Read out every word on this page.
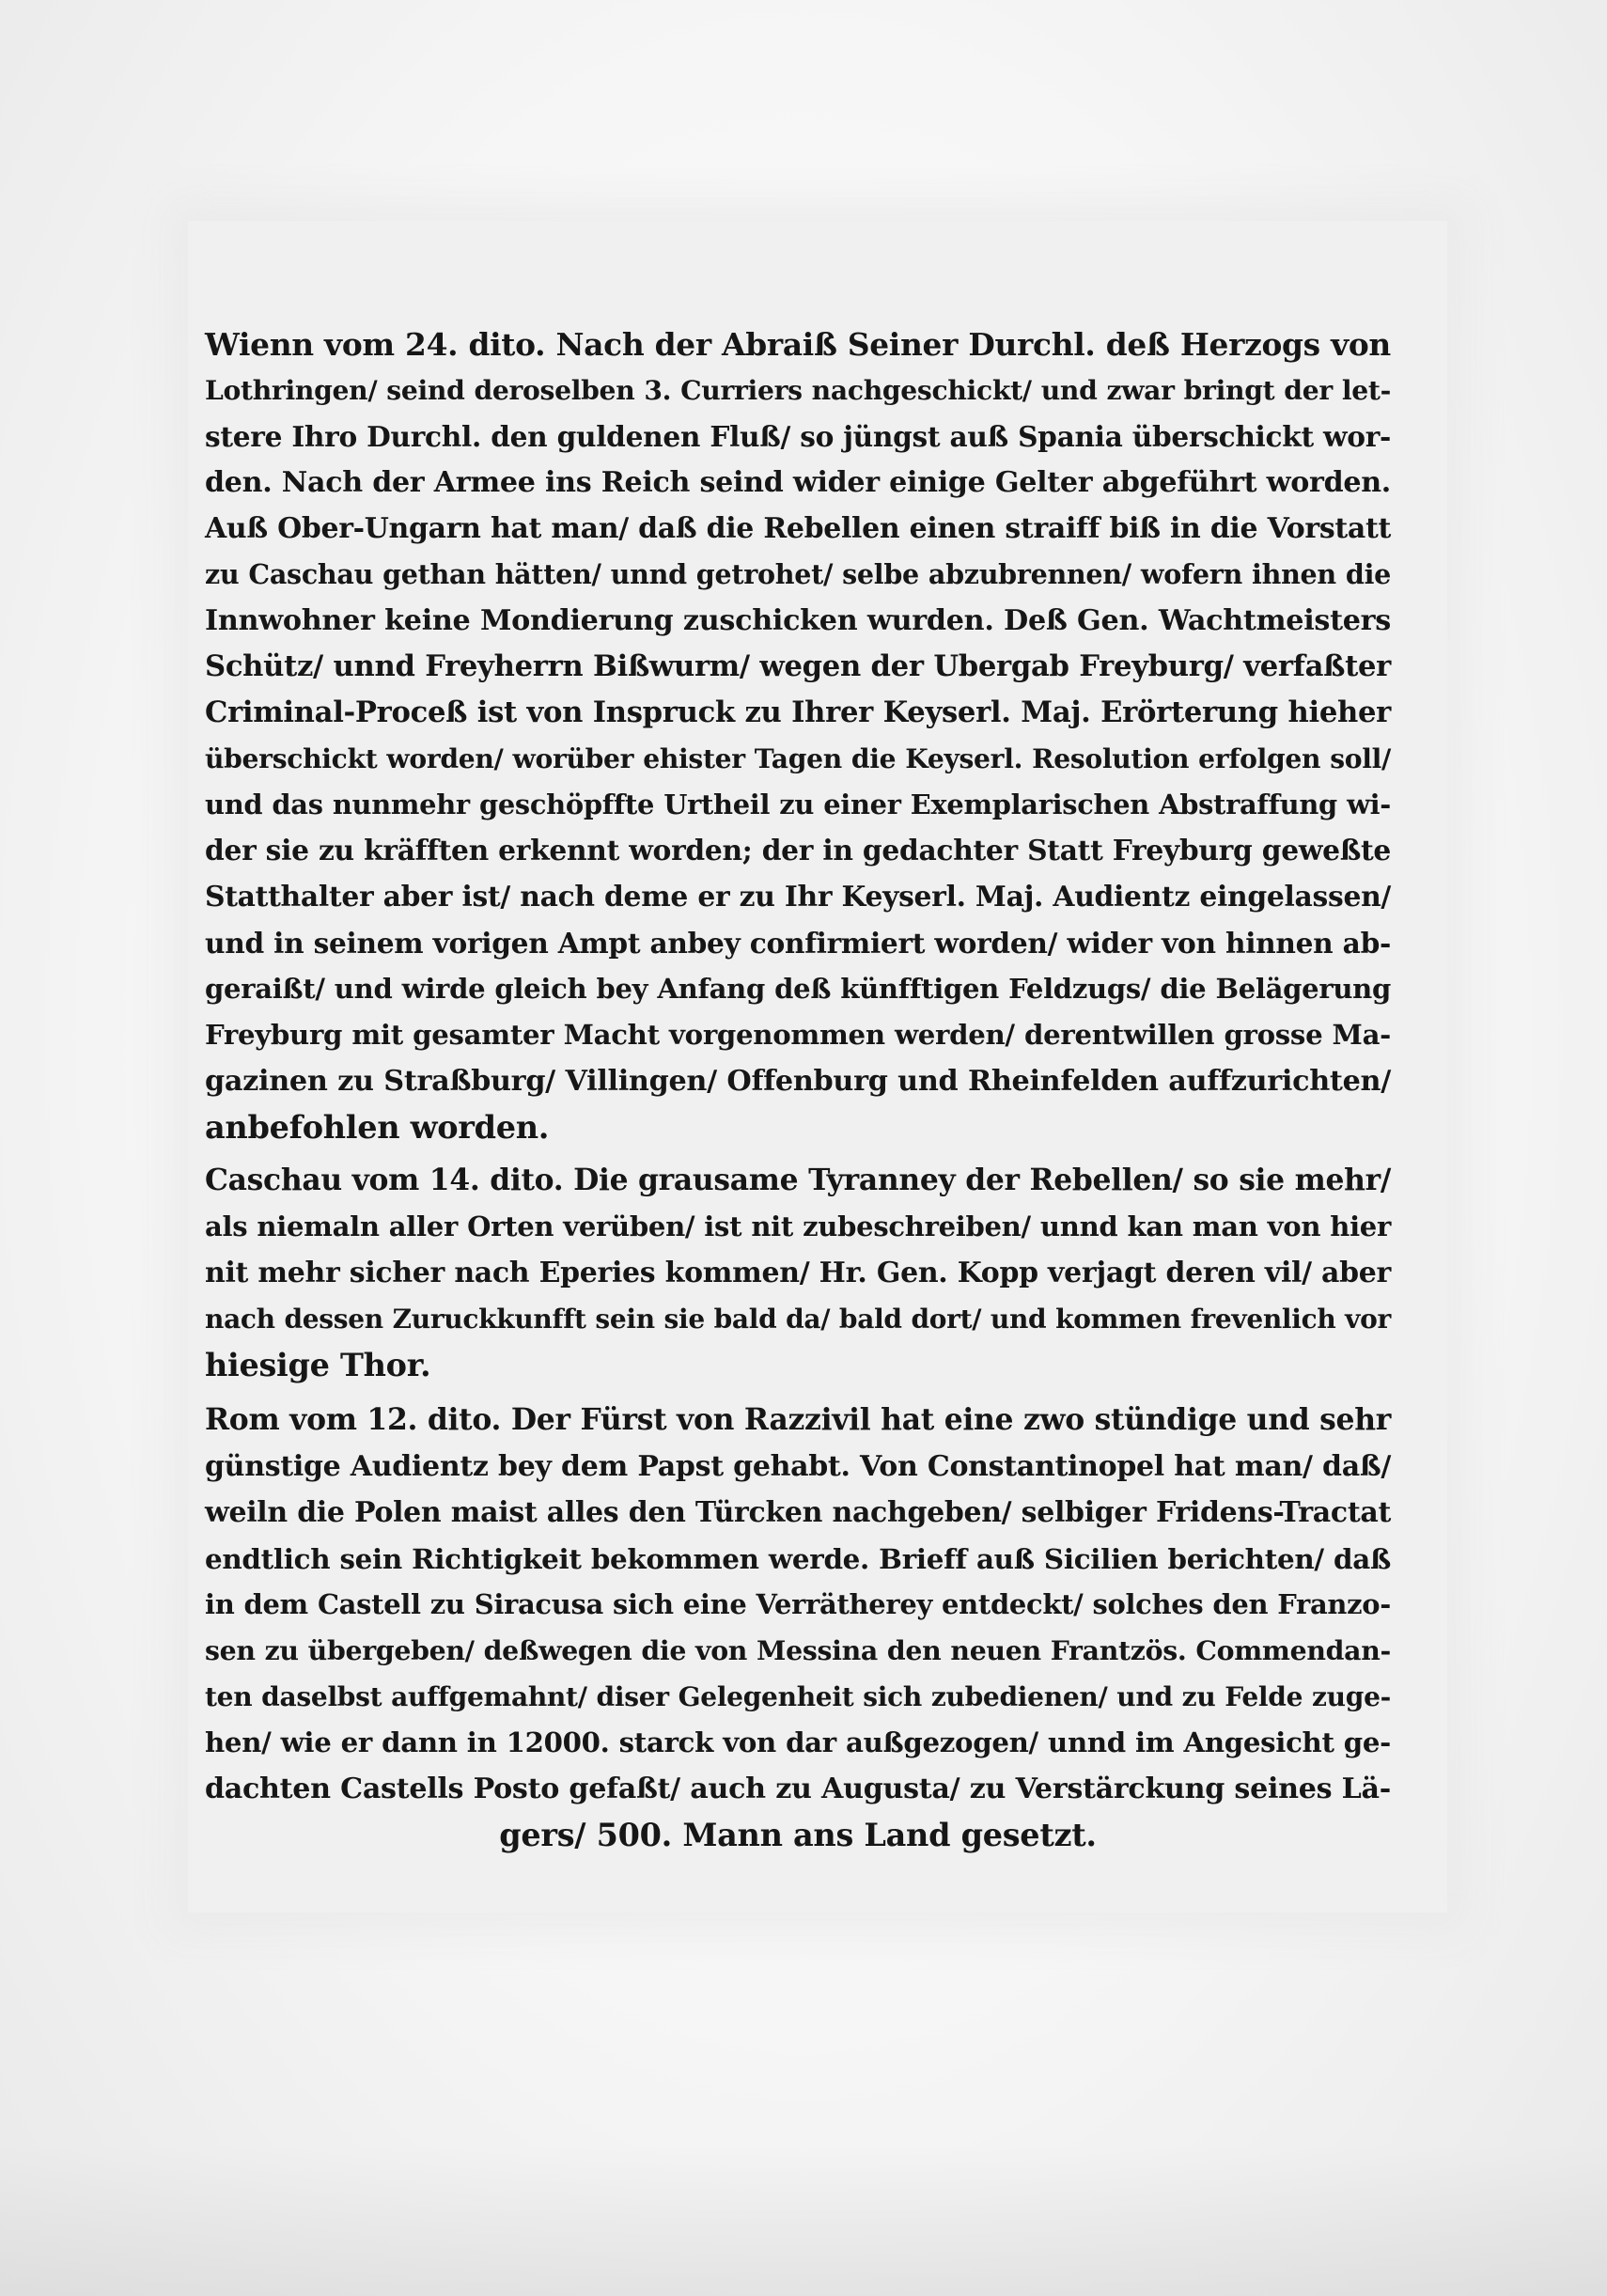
Wienn vom 24. dito. Nach der Abraiß Seiner Durchl. deß Herzogs von
Lothringen/ seind deroselben 3. Curriers nachgeschickt/ und zwar bringt der let-
stere Ihro Durchl. den guldenen Fluß/ so jüngst auß Spania überschickt wor-
den. Nach der Armee ins Reich seind wider einige Gelter abgeführt worden.
Auß Ober-Ungarn hat man/ daß die Rebellen einen straiff biß in die Vorstatt
zu Caschau gethan hätten/ unnd getrohet/ selbe abzubrennen/ wofern ihnen die
Innwohner keine Mondierung zuschicken wurden. Deß Gen. Wachtmeisters
Schütz/ unnd Freyherrn Bißwurm/ wegen der Ubergab Freyburg/ verfaßter
Criminal-Proceß ist von Inspruck zu Ihrer Keyserl. Maj. Erörterung hieher
überschickt worden/ worüber ehister Tagen die Keyserl. Resolution erfolgen soll/
und das nunmehr geschöpffte Urtheil zu einer Exemplarischen Abstraffung wi-
der sie zu kräfften erkennt worden; der in gedachter Statt Freyburg geweßte
Statthalter aber ist/ nach deme er zu Ihr Keyserl. Maj. Audientz eingelassen/
und in seinem vorigen Ampt anbey confirmiert worden/ wider von hinnen ab-
geraißt/ und wirde gleich bey Anfang deß künfftigen Feldzugs/ die Belägerung
Freyburg mit gesamter Macht vorgenommen werden/ derentwillen grosse Ma-
gazinen zu Straßburg/ Villingen/ Offenburg und Rheinfelden auffzurichten/
anbefohlen worden.
Caschau vom 14. dito. Die grausame Tyranney der Rebellen/ so sie mehr/
als niemaln aller Orten verüben/ ist nit zubeschreiben/ unnd kan man von hier
nit mehr sicher nach Eperies kommen/ Hr. Gen. Kopp verjagt deren vil/ aber
nach dessen Zuruckkunfft sein sie bald da/ bald dort/ und kommen frevenlich vor
hiesige Thor.
Rom vom 12. dito. Der Fürst von Razzivil hat eine zwo stündige und sehr
günstige Audientz bey dem Papst gehabt. Von Constantinopel hat man/ daß/
weiln die Polen maist alles den Türcken nachgeben/ selbiger Fridens-Tractat
endtlich sein Richtigkeit bekommen werde. Brieff auß Sicilien berichten/ daß
in dem Castell zu Siracusa sich eine Verrätherey entdeckt/ solches den Franzo-
sen zu übergeben/ deßwegen die von Messina den neuen Frantzös. Commendan-
ten daselbst auffgemahnt/ diser Gelegenheit sich zubedienen/ und zu Felde zuge-
hen/ wie er dann in 12000. starck von dar außgezogen/ unnd im Angesicht ge-
dachten Castells Posto gefaßt/ auch zu Augusta/ zu Verstärckung seines Lä-
gers/ 500. Mann ans Land gesetzt.
